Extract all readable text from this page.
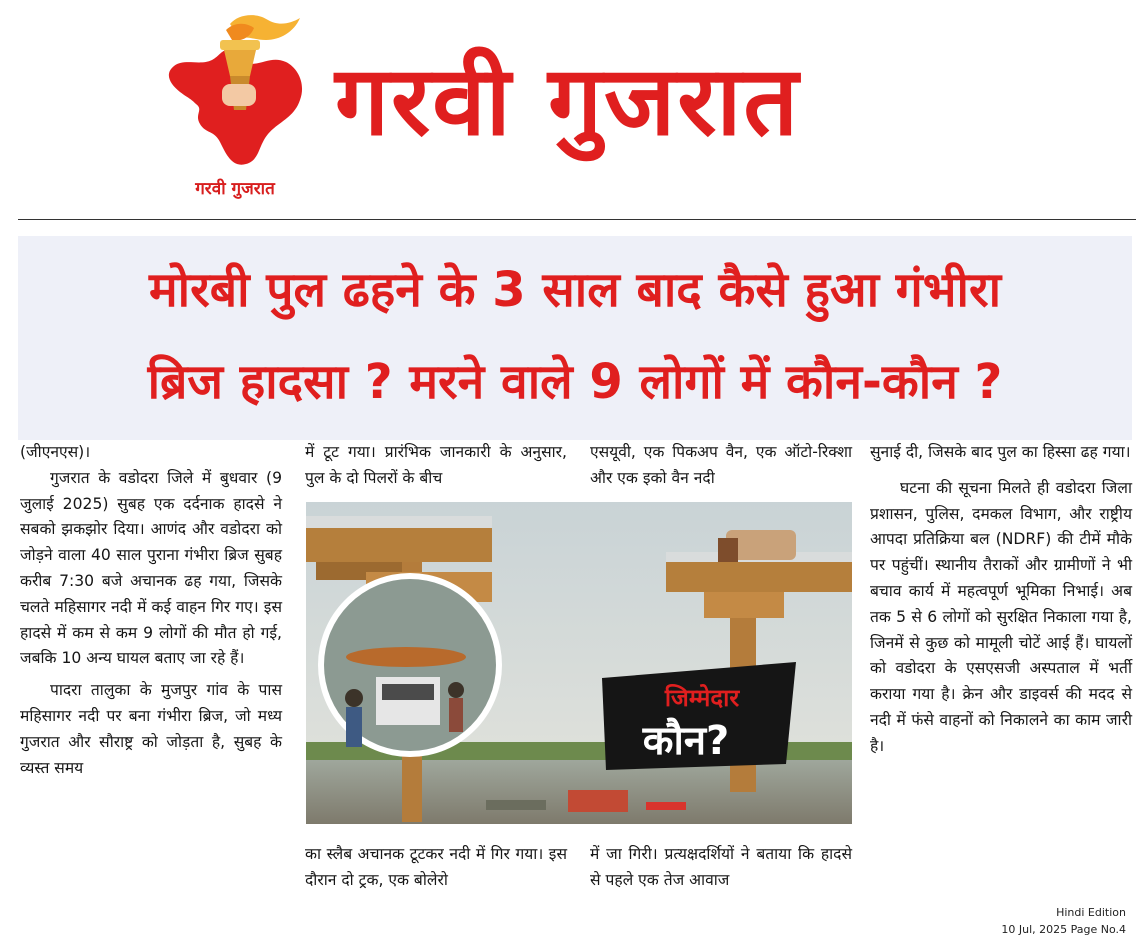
गरवी गुजरात
गरवी गुजरात
मोरबी पुल ढहने के 3 साल बाद कैसे हुआ गंभीरा
ब्रिज हादसा ? मरने वाले 9 लोगों में कौन-कौन ?

(जीएनएस)।

गुजरात के वडोदरा जिले में बुधवार (9 जुलाई 2025) सुबह एक दर्दनाक हादसे ने सबको झकझोर दिया। आणंद और वडोदरा को जोड़ने वाला 40 साल पुराना गंभीरा ब्रिज सुबह करीब 7:30 बजे अचानक ढह गया, जिसके चलते महिसागर नदी में कई वाहन गिर गए। इस हादसे में कम से कम 9 लोगों की मौत हो गई, जबकि 10 अन्य घायल बताए जा रहे हैं।

पादरा तालुका के मुजपुर गांव के पास महिसागर नदी पर बना गंभीरा ब्रिज, जो मध्य गुजरात और सौराष्ट्र को जोड़ता है, सुबह के व्यस्त समय

में टूट गया। प्रारंभिक जानकारी के अनुसार, पुल के दो पिलरों के बीच

एसयूवी, एक पिकअप वैन, एक ऑटो-रिक्शा और एक इको वैन नदी

जिम्मेदार
कौन?

का स्लैब अचानक टूटकर नदी में गिर गया। इस दौरान दो ट्रक, एक बोलेरो

में जा गिरी। प्रत्यक्षदर्शियों ने बताया कि हादसे से पहले एक तेज आवाज

सुनाई दी, जिसके बाद पुल का हिस्सा ढह गया।

घटना की सूचना मिलते ही वडोदरा जिला प्रशासन, पुलिस, दमकल विभाग, और राष्ट्रीय आपदा प्रतिक्रिया बल (NDRF) की टीमें मौके पर पहुंचीं। स्थानीय तैराकों और ग्रामीणों ने भी बचाव कार्य में महत्वपूर्ण भूमिका निभाई। अब तक 5 से 6 लोगों को सुरक्षित निकाला गया है, जिनमें से कुछ को मामूली चोटें आई हैं। घायलों को वडोदरा के एसएसजी अस्पताल में भर्ती कराया गया है। क्रेन और डाइवर्स की मदद से नदी में फंसे वाहनों को निकालने का काम जारी है।

Hindi Edition
10 Jul, 2025 Page No.4
